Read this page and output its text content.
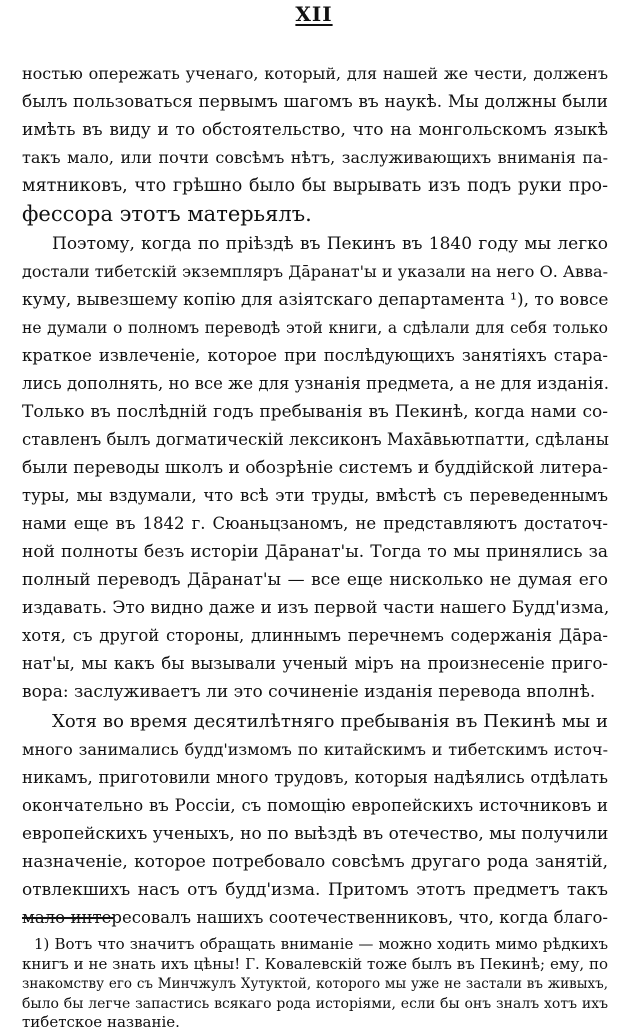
XII
ностью опережать ученаго, который, для нашей же чести, долженъ
былъ пользоваться первымъ шагомъ въ наукѣ. Мы должны были
имѣть въ виду и то обстоятельство, что на монгольскомъ языкѣ
такъ мало, или почти совсѣмъ нѣтъ, заслуживающихъ вниманія па-
мятниковъ, что грѣшно было бы вырывать изъ подъ руки про-
фессора этотъ матерьялъ.
Поэтому, когда по пріѣздѣ въ Пекинъ въ 1840 году мы легко
достали тибетскій экземпляръ Дāранат'ы и указали на него О. Авва-
куму, вывезшему копію для азіятскаго департамента ¹), то вовсе
не думали о полномъ переводѣ этой книги, а сдѣлали для себя только
краткое извлеченіе, которое при послѣдующихъ занятіяхъ стара-
лись дополнять, но все же для узнанія предмета, а не для изданія.
Только въ послѣдній годъ пребыванія въ Пекинѣ, когда нами со-
ставленъ былъ догматическій лексиконъ Махāвьютпатти, сдѣланы
были переводы школъ и обозрѣніе системъ и буддійской литера-
туры, мы вздумали, что всѣ эти труды, вмѣстѣ съ переведеннымъ
нами еще въ 1842 г. Сюаньцзаномъ, не представляютъ достаточ-
ной полноты безъ исторіи Дāранат'ы. Тогда то мы принялись за
полный переводъ Дāранат'ы — все еще нисколько не думая его
издавать. Это видно даже и изъ первой части нашего Будд'изма,
хотя, съ другой стороны, длиннымъ перечнемъ содержанія Дāра-
нат'ы, мы какъ бы вызывали ученый міръ на произнесеніе приго-
вора: заслуживаетъ ли это сочиненіе изданія перевода вполнѣ.
Хотя во время десятилѣтняго пребыванія въ Пекинѣ мы и
много занимались будд'измомъ по китайскимъ и тибетскимъ источ-
никамъ, приготовили много трудовъ, которыя надѣялись отдѣлать
окончательно въ Россіи, съ помощію европейскихъ источниковъ и
европейскихъ ученыхъ, но по выѣздѣ въ отечество, мы получили
назначеніе, которое потребовало совсѣмъ другаго рода занятій,
отвлекшихъ насъ отъ будд'изма. Притомъ этотъ предметъ такъ
мало интересовалъ нашихъ соотечественниковъ, что, когда благо-
1) Вотъ что значитъ обращать вниманіе — можно ходить мимо рѣдкихъ
книгъ и не знать ихъ цѣны! Г. Ковалевскій тоже былъ въ Пекинѣ; ему, по
знакомству его съ Минчжулъ Хутуктой, которого мы уже не застали въ живыхъ,
было бы легче запастись всякаго рода исторіями, если бы онъ зналъ хотъ ихъ
тибетское названіе.
